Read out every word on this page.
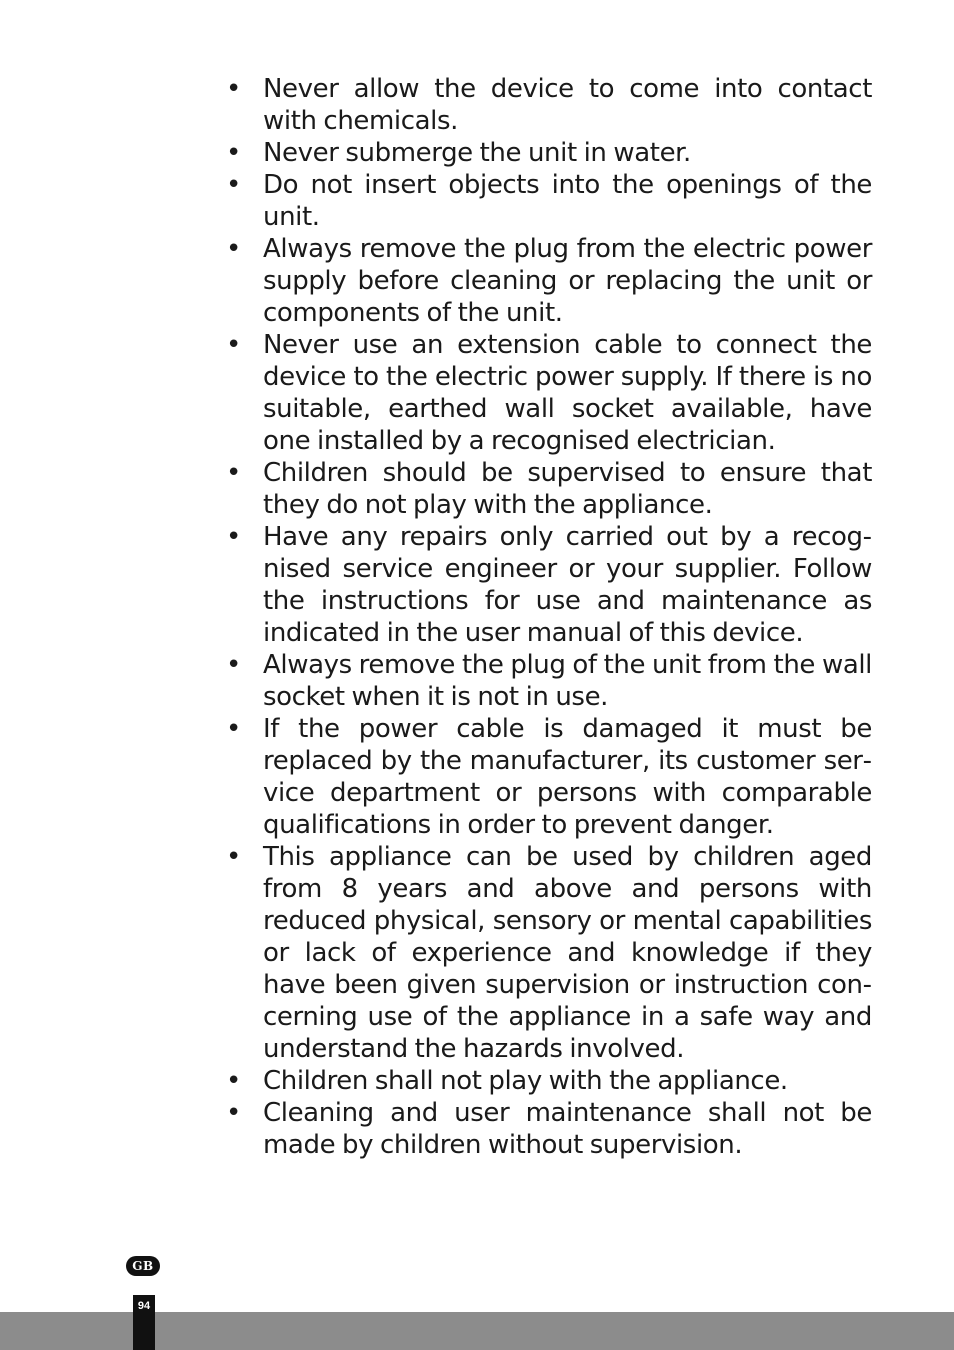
• Never allow the device to come into contact with chemicals.
• Never submerge the unit in water.
• Do not insert objects into the openings of the unit.
• Always remove the plug from the electric power supply before cleaning or replacing the unit or components of the unit.
• Never use an extension cable to connect the device to the electric power supply. If there is no suitable, earthed wall socket available, have one installed by a recognised electrician.
• Children should be supervised to ensure that they do not play with the appliance.
• Have any repairs only carried out by a recognised service engineer or your supplier. Follow the instructions for use and maintenance as indicated in the user manual of this device.
• Always remove the plug of the unit from the wall socket when it is not in use.
• If the power cable is damaged it must be replaced by the manufacturer, its customer service department or persons with comparable qualifications in order to prevent danger.
• This appliance can be used by children aged from 8 years and above and persons with reduced physical, sensory or mental capabilities or lack of experience and knowledge if they have been given supervision or instruction concerning use of the appliance in a safe way and understand the hazards involved.
• Children shall not play with the appliance.
• Cleaning and user maintenance shall not be made by children without supervision.
GB
94
